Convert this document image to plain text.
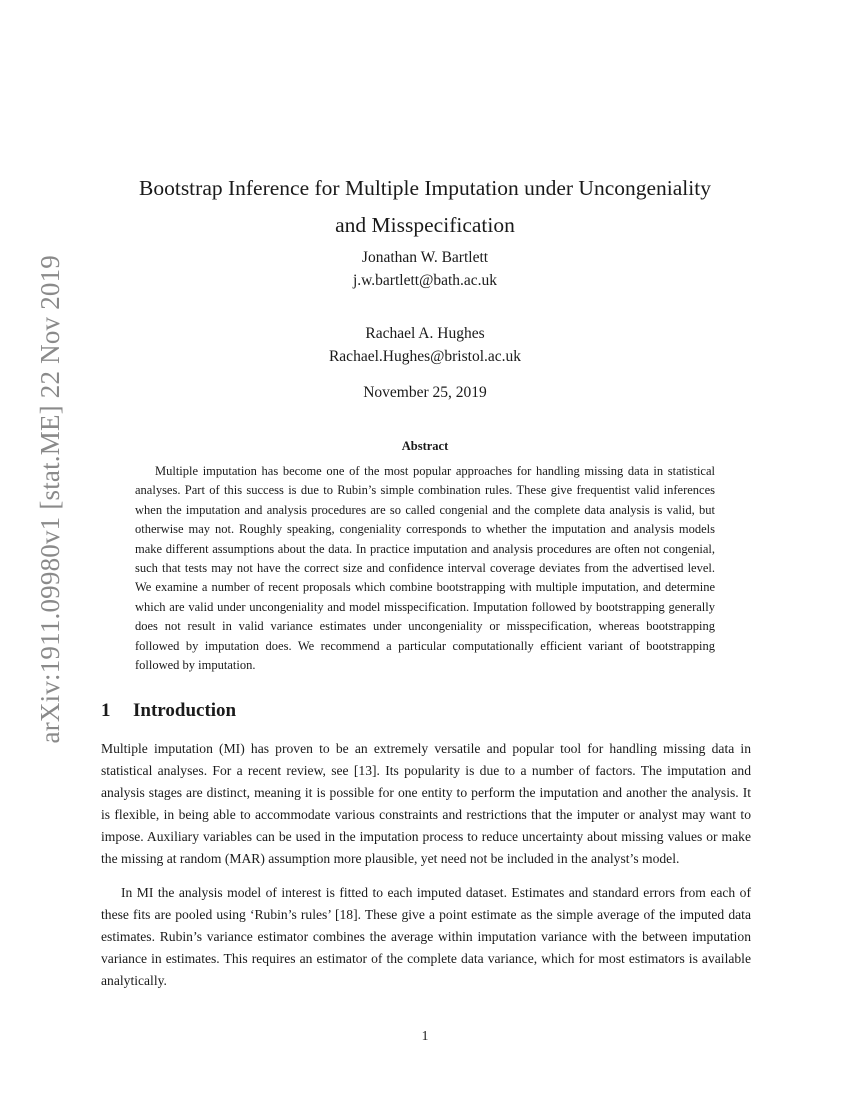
arXiv:1911.09980v1 [stat.ME] 22 Nov 2019
Bootstrap Inference for Multiple Imputation under Uncongeniality
and Misspecification
Jonathan W. Bartlett
j.w.bartlett@bath.ac.uk
Rachael A. Hughes
Rachael.Hughes@bristol.ac.uk
November 25, 2019
Abstract

Multiple imputation has become one of the most popular approaches for handling missing data in statistical analyses. Part of this success is due to Rubin’s simple combination rules. These give frequentist valid inferences when the imputation and analysis procedures are so called congenial and the complete data analysis is valid, but otherwise may not. Roughly speaking, congeniality corresponds to whether the imputation and analysis models make different assumptions about the data. In practice imputation and analysis procedures are often not congenial, such that tests may not have the correct size and confidence interval coverage deviates from the advertised level. We examine a number of recent proposals which combine bootstrapping with multiple imputation, and determine which are valid under uncongeniality and model misspecification. Imputation followed by bootstrapping generally does not result in valid variance estimates under uncongeniality or misspecification, whereas bootstrapping followed by imputation does. We recommend a particular computationally efficient variant of bootstrapping followed by imputation.

1 Introduction

Multiple imputation (MI) has proven to be an extremely versatile and popular tool for handling missing data in statistical analyses. For a recent review, see [13]. Its popularity is due to a number of factors. The imputation and analysis stages are distinct, meaning it is possible for one entity to perform the imputation and another the analysis. It is flexible, in being able to accommodate various constraints and restrictions that the imputer or analyst may want to impose. Auxiliary variables can be used in the imputation process to reduce uncertainty about missing values or make the missing at random (MAR) assumption more plausible, yet need not be included in the analyst’s model.

In MI the analysis model of interest is fitted to each imputed dataset. Estimates and standard errors from each of these fits are pooled using ‘Rubin’s rules’ [18]. These give a point estimate as the simple average of the imputed data estimates. Rubin’s variance estimator combines the average within imputation variance with the between imputation variance in estimates. This requires an estimator of the complete data variance, which for most estimators is available analytically.

1
